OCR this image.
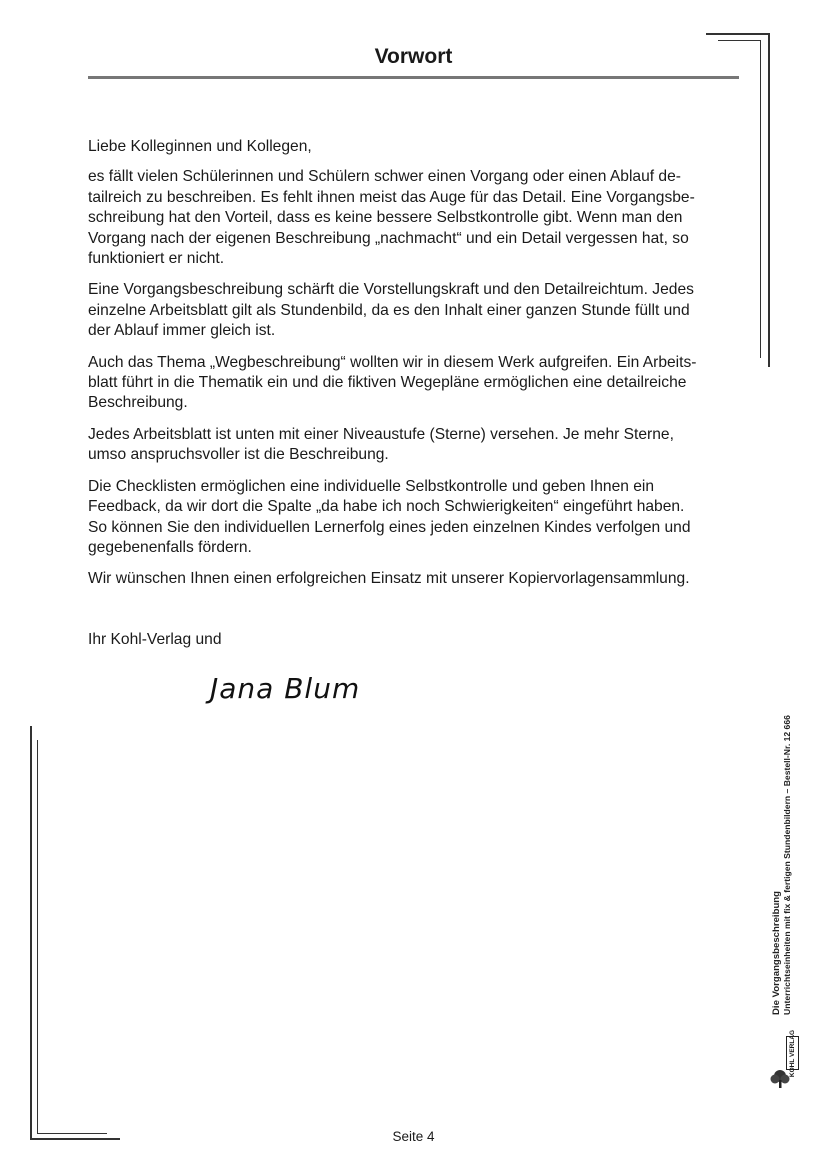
Vorwort

Liebe Kolleginnen und Kollegen,

es fällt vielen Schülerinnen und Schülern schwer einen Vorgang oder einen Ablauf de-
tailreich zu beschreiben. Es fehlt ihnen meist das Auge für das Detail. Eine Vorgangsbe-
schreibung hat den Vorteil, dass es keine bessere Selbstkontrolle gibt. Wenn man den
Vorgang nach der eigenen Beschreibung „nachmacht“ und ein Detail vergessen hat, so
funktioniert er nicht.

Eine Vorgangsbeschreibung schärft die Vorstellungskraft und den Detailreichtum. Jedes
einzelne Arbeitsblatt gilt als Stundenbild, da es den Inhalt einer ganzen Stunde füllt und
der Ablauf immer gleich ist.

Auch das Thema „Wegbeschreibung“ wollten wir in diesem Werk aufgreifen. Ein Arbeits-
blatt führt in die Thematik ein und die fiktiven Wegepläne ermöglichen eine detailreiche
Beschreibung.

Jedes Arbeitsblatt ist unten mit einer Niveaustufe (Sterne) versehen. Je mehr Sterne,
umso anspruchsvoller ist die Beschreibung.

Die Checklisten ermöglichen eine individuelle Selbstkontrolle und geben Ihnen ein
Feedback, da wir dort die Spalte „da habe ich noch Schwierigkeiten“ eingeführt haben.
So können Sie den individuellen Lernerfolg eines jeden einzelnen Kindes verfolgen und
gegebenenfalls fördern.

Wir wünschen Ihnen einen erfolgreichen Einsatz mit unserer Kopiervorlagensammlung.

Ihr Kohl-Verlag und
Jana Blum
Die Vorgangsbeschreibung Unterrichtseinheiten mit fix & fertigen Stundenbildern – Bestell-Nr. 12 666
KOHL VERLAG
Seite 4
